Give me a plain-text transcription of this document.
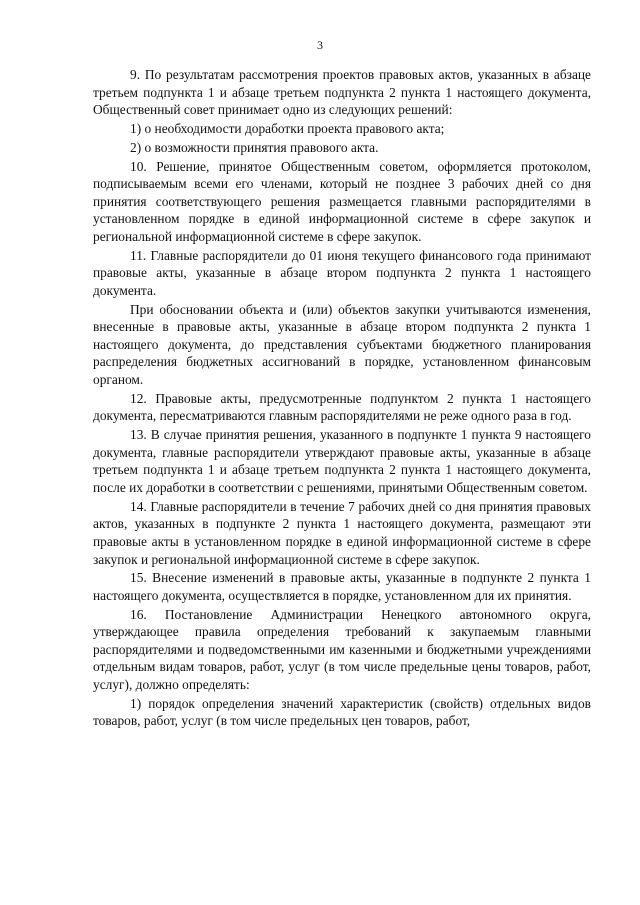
3

9. По результатам рассмотрения проектов правовых актов, указанных в абзаце третьем подпункта 1 и абзаце третьем подпункта 2 пункта 1 настоящего документа, Общественный совет принимает одно из следующих решений:

1) о необходимости доработки проекта правового акта;

2) о возможности принятия правового акта.

10. Решение, принятое Общественным советом, оформляется протоколом, подписываемым всеми его членами, который не позднее 3 рабочих дней со дня принятия соответствующего решения размещается главными распорядителями в установленном порядке в единой информационной системе в сфере закупок и региональной информационной системе в сфере закупок.

11. Главные распорядители до 01 июня текущего финансового года принимают правовые акты, указанные в абзаце втором подпункта 2 пункта 1 настоящего документа.

При обосновании объекта и (или) объектов закупки учитываются изменения, внесенные в правовые акты, указанные в абзаце втором подпункта 2 пункта 1 настоящего документа, до представления субъектами бюджетного планирования распределения бюджетных ассигнований в порядке, установленном финансовым органом.

12. Правовые акты, предусмотренные подпунктом 2 пункта 1 настоящего документа, пересматриваются главным распорядителями не реже одного раза в год.

13. В случае принятия решения, указанного в подпункте 1 пункта 9 настоящего документа, главные распорядители утверждают правовые акты, указанные в абзаце третьем подпункта 1 и абзаце третьем подпункта 2 пункта 1 настоящего документа, после их доработки в соответствии с решениями, принятыми Общественным советом.

14. Главные распорядители в течение 7 рабочих дней со дня принятия правовых актов, указанных в подпункте 2 пункта 1 настоящего документа, размещают эти правовые акты в установленном порядке в единой информационной системе в сфере закупок и региональной информационной системе в сфере закупок.

15. Внесение изменений в правовые акты, указанные в подпункте 2 пункта 1 настоящего документа, осуществляется в порядке, установленном для их принятия.

16. Постановление Администрации Ненецкого автономного округа, утверждающее правила определения требований к закупаемым главными распорядителями и подведомственными им казенными и бюджетными учреждениями отдельным видам товаров, работ, услуг (в том числе предельные цены товаров, работ, услуг), должно определять:

1) порядок определения значений характеристик (свойств) отдельных видов товаров, работ, услуг (в том числе предельных цен товаров, работ,
